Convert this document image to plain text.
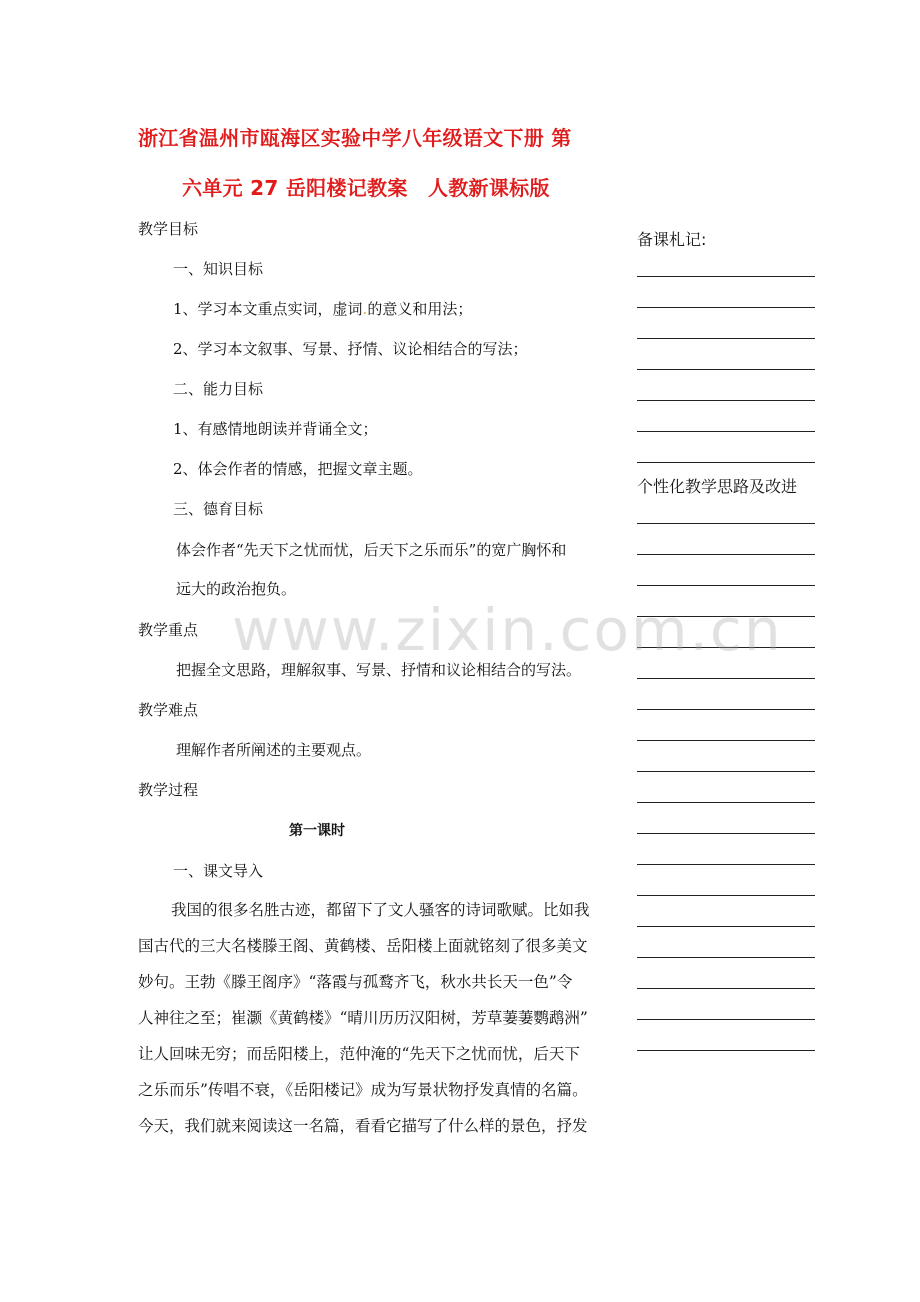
浙江省温州市瓯海区实验中学八年级语文下册 第
六单元 27 岳阳楼记教案　人教新课标版
教学目标
一、知识目标
1、学习本文重点实词，虚词.的意义和用法；
2、学习本文叙事、写景、抒情、议论相结合的写法；
二、能力目标
1、有感情地朗读并背诵全文；
2、体会作者的情感，把握文章主题。
三、德育目标
体会作者“先天下之忧而忧，后天下之乐而乐”的宽广胸怀和
远大的政治抱负。
教学重点
把握全文思路，理解叙事、写景、抒情和议论相结合的写法。
教学难点
理解作者所阐述的主要观点。
教学过程
第一课时
一、课文导入
我国的很多名胜古迹，都留下了文人骚客的诗词歌赋。比如我
国古代的三大名楼滕王阁、黄鹤楼、岳阳楼上面就铭刻了很多美文
妙句。王勃《滕王阁序》“落霞与孤鹜齐飞，秋水共长天一色”令
人神往之至；崔灏《黄鹤楼》“晴川历历汉阳树，芳草萋萋鹦鹉洲”
让人回味无穷；而岳阳楼上，范仲淹的“先天下之忧而忧，后天下
之乐而乐”传唱不衰，《岳阳楼记》成为写景状物抒发真情的名篇。
今天，我们就来阅读这一名篇，看看它描写了什么样的景色，抒发
备课札记:
个性化教学思路及改进
www.zixin.com.cn
